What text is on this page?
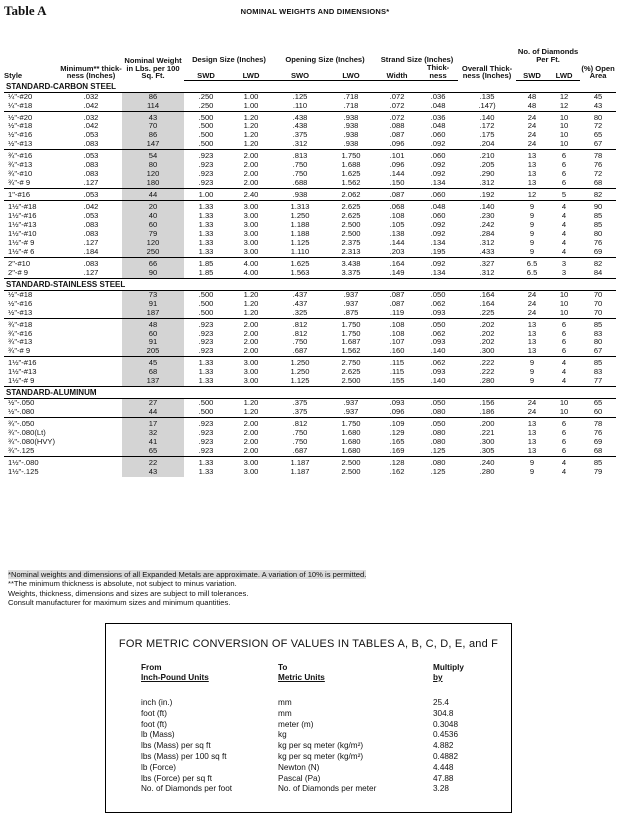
Table A	NOMINAL WEIGHTS AND DIMENSIONS*
Style	Minimum** thick- ness (Inches)	Nominal Weight in Lbs. per 100 Sq. Ft.	Design Size (Inches)		Opening Size (Inches)		Strand Size (Inches)		Overall Thick- ness (Inches)	No. of Diamonds Per Ft.		(%) Open Area
			SWD	LWD	SWO	LWO	Width	Thick- ness		SWD	LWD	
STANDARD-CARBON STEEL												
¼"-#20	.032	86	.250	1.00	.125	.718	.072	.036	.135	48	12	45
¼"-#18	.042	114	.250	1.00	.110	.718	.072	.048	.147)	48	12	43
½"-#20	.032	43	.500	1.20	.438	.938	.072	.036	.140	24	10	80
½"-#18	.042	70	.500	1.20	.438	.938	.088	.048	.172	24	10	72
½"-#16	.053	86	.500	1.20	.375	.938	.087	.060	.175	24	10	65
½"-#13	.083	147	.500	1.20	.312	.938	.096	.092	.204	24	10	67
¾"-#16	.053	54	.923	2.00	.813	1.750	.101	.060	.210	13	6	78
¾"-#13	.083	80	.923	2.00	.750	1.688	.096	.092	.205	13	6	76
¾"-#10	.083	120	.923	2.00	.750	1.625	.144	.092	.290	13	6	72
¾"-# 9	.127	180	.923	2.00	.688	1.562	.150	.134	.312	13	6	68
1"-#16	.053	44	1.00	2.40	.938	2.062	.087	.060	.192	12	5	82
1½"-#18	.042	20	1.33	3.00	1.313	2.625	.068	.048	.140	9	4	90
1½"-#16	.053	40	1.33	3.00	1.250	2.625	.108	.060	.230	9	4	85
1½"-#13	.083	60	1.33	3.00	1.188	2.500	.105	.092	.242	9	4	85
1½"-#10	.083	79	1.33	3.00	1.188	2.500	.138	.092	.284	9	4	80
1½"-# 9	.127	120	1.33	3.00	1.125	2.375	.144	.134	.312	9	4	76
1½"-# 6	.184	250	1.33	3.00	1.110	2.313	.203	.195	.433	9	4	69
2"-#10	.083	66	1.85	4.00	1.625	3.438	.164	.092	.327	6.5	3	82
2"-# 9	.127	90	1.85	4.00	1.563	3.375	.149	.134	.312	6.5	3	84
STANDARD-STAINLESS STEEL												
½"-#18		73	.500	1.20	.437	.937	.087	.050	.164	24	10	70
½"-#16		91	.500	1.20	.437	.937	.087	.062	.164	24	10	70
½"-#13		187	.500	1.20	.325	.875	.119	.093	.225	24	10	70
¾"-#18		48	.923	2.00	.812	1.750	.108	.050	.202	13	6	85
¾"-#16		60	.923	2.00	.812	1.750	.108	.062	.202	13	6	83
¾"-#13		91	.923	2.00	.750	1.687	.107	.093	.202	13	6	80
¾"-# 9		205	.923	2.00	.687	1.562	.160	.140	.300	13	6	67
1½"-#16		45	1.33	3.00	1.250	2.750	.115	.062	.222	9	4	85
1½"-#13		68	1.33	3.00	1.250	2.625	.115	.093	.222	9	4	83
1½"-# 9		137	1.33	3.00	1.125	2.500	.155	.140	.280	9	4	77
STANDARD-ALUMINUM												
½"-.050		27	.500	1.20	.375	.937	.093	.050	.156	24	10	65
½"-.080		44	.500	1.20	.375	.937	.096	.080	.186	24	10	60
¾"-.050		17	.923	2.00	.812	1.750	.109	.050	.200	13	6	78
¾"-.080(Lt)		32	.923	2.00	.750	1.680	.129	.080	.221	13	6	76
¾"-.080(HVY)		41	.923	2.00	.750	1.680	.165	.080	.300	13	6	69
¾"-.125		65	.923	2.00	.687	1.680	.169	.125	.305	13	6	68
1½"-.080		22	1.33	3.00	1.187	2.500	.128	.080	.240	9	4	85
1½"-.125		43	1.33	3.00	1.187	2.500	.162	.125	.280	9	4	79
*Nominal weights and dimensions of all Expanded Metals are approximate. A variation of 10% is permitted.
**The minimum thickness is absolute, not subject to minus variation.
Weights, thickness, dimensions and sizes are subject to mill tolerances.
Consult manufacturer for maximum sizes and minimum quantities.
FOR METRIC CONVERSION OF VALUES IN TABLES A, B, C, D, E, and F
From
Inch-Pound Units
To
Metric Units
Multiply
by
inch (in.)	mm	25.4
foot (ft)	mm	304.8
foot (ft)	meter (m)	0.3048
lb (Mass)	kg	0.4536
lbs (Mass) per sq ft	kg per sq meter (kg/m²)	4.882
lbs (Mass) per 100 sq ft	kg per sq meter (kg/m²)	0.4882
lb (Force)	Newton (N)	4.448
lbs (Force) per sq ft	Pascal (Pa)	47.88
No. of Diamonds per foot	No. of Diamonds per meter	3.28
